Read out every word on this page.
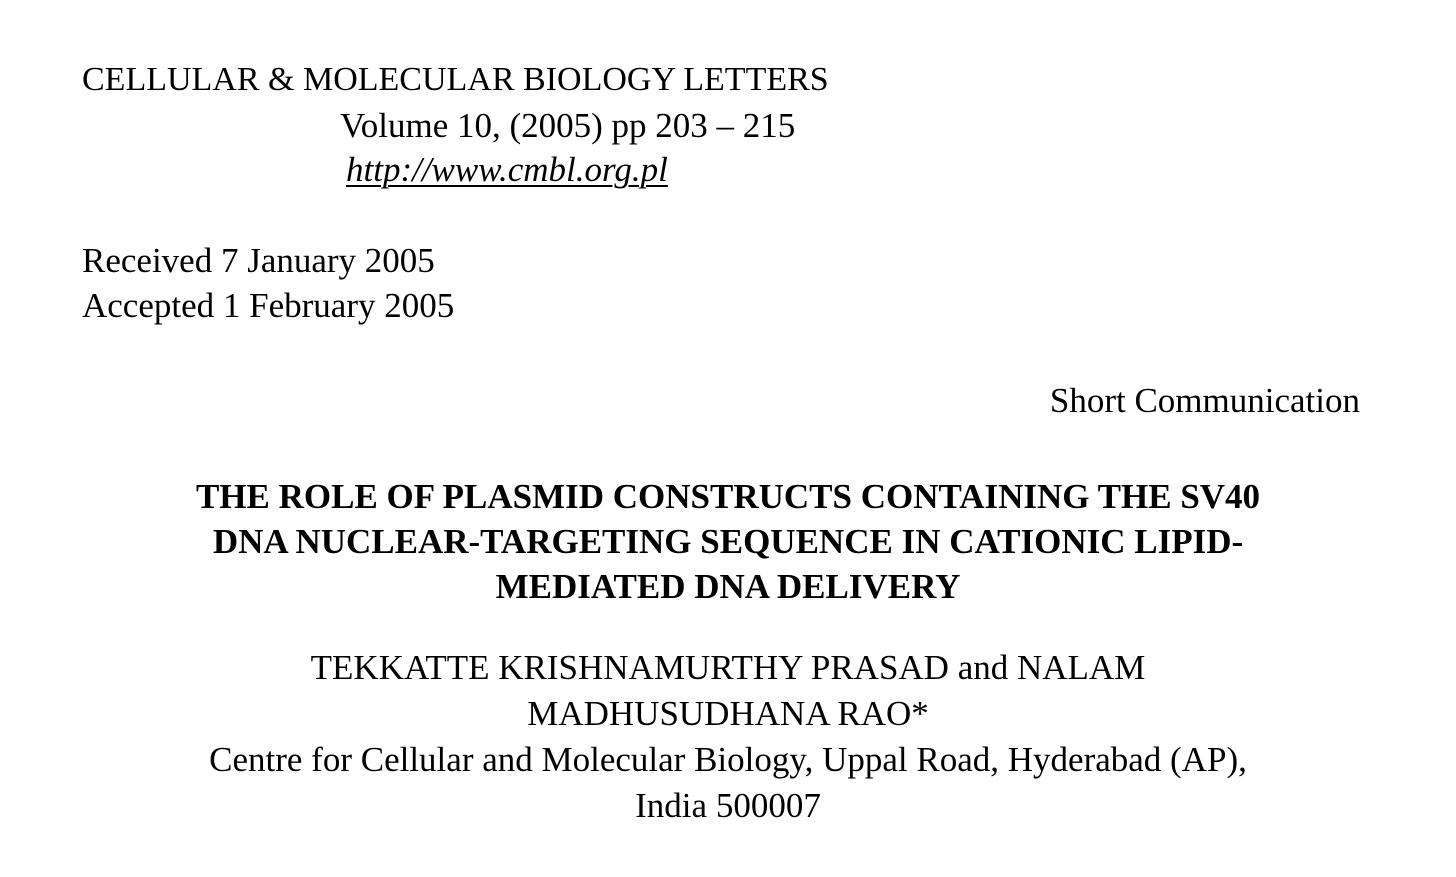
CELLULAR & MOLECULAR BIOLOGY LETTERS
Volume 10, (2005) pp 203 – 215
http://www.cmbl.org.pl
Received 7 January 2005
Accepted 1 February 2005
Short Communication
THE ROLE OF PLASMID CONSTRUCTS CONTAINING THE SV40
DNA NUCLEAR-TARGETING SEQUENCE IN CATIONIC LIPID-
MEDIATED DNA DELIVERY
TEKKATTE KRISHNAMURTHY PRASAD and NALAM
MADHUSUDHANA RAO*
Centre for Cellular and Molecular Biology, Uppal Road, Hyderabad (AP),
India 500007
